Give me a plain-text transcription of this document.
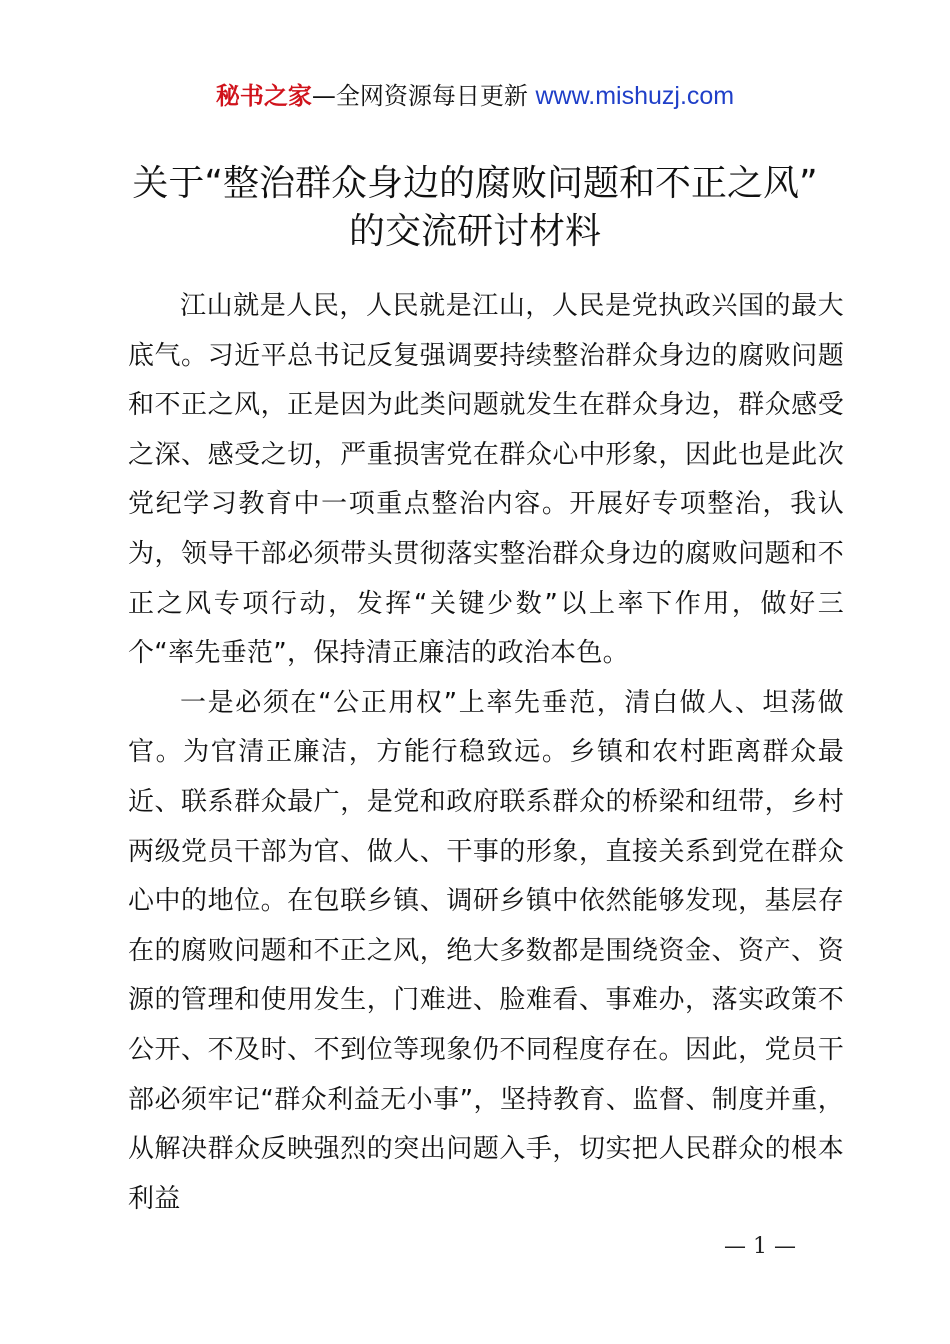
秘书之家—全网资源每日更新 www.mishuzj.com
关于“整治群众身边的腐败问题和不正之风”
的交流研讨材料

江山就是人民，人民就是江山，人民是党执政兴国的最大底气。习近平总书记反复强调要持续整治群众身边的腐败问题和不正之风，正是因为此类问题就发生在群众身边，群众感受之深、感受之切，严重损害党在群众心中形象，因此也是此次党纪学习教育中一项重点整治内容。开展好专项整治，我认为，领导干部必须带头贯彻落实整治群众身边的腐败问题和不正之风专项行动，发挥“关键少数”以上率下作用，做好三个“率先垂范”，保持清正廉洁的政治本色。

一是必须在“公正用权”上率先垂范，清白做人、坦荡做官。为官清正廉洁，方能行稳致远。乡镇和农村距离群众最近、联系群众最广，是党和政府联系群众的桥梁和纽带，乡村两级党员干部为官、做人、干事的形象，直接关系到党在群众心中的地位。在包联乡镇、调研乡镇中依然能够发现，基层存在的腐败问题和不正之风，绝大多数都是围绕资金、资产、资源的管理和使用发生，门难进、脸难看、事难办，落实政策不公开、不及时、不到位等现象仍不同程度存在。因此，党员干部必须牢记“群众利益无小事”，坚持教育、监督、制度并重，从解决群众反映强烈的突出问题入手，切实把人民群众的根本利益

— 1 —
